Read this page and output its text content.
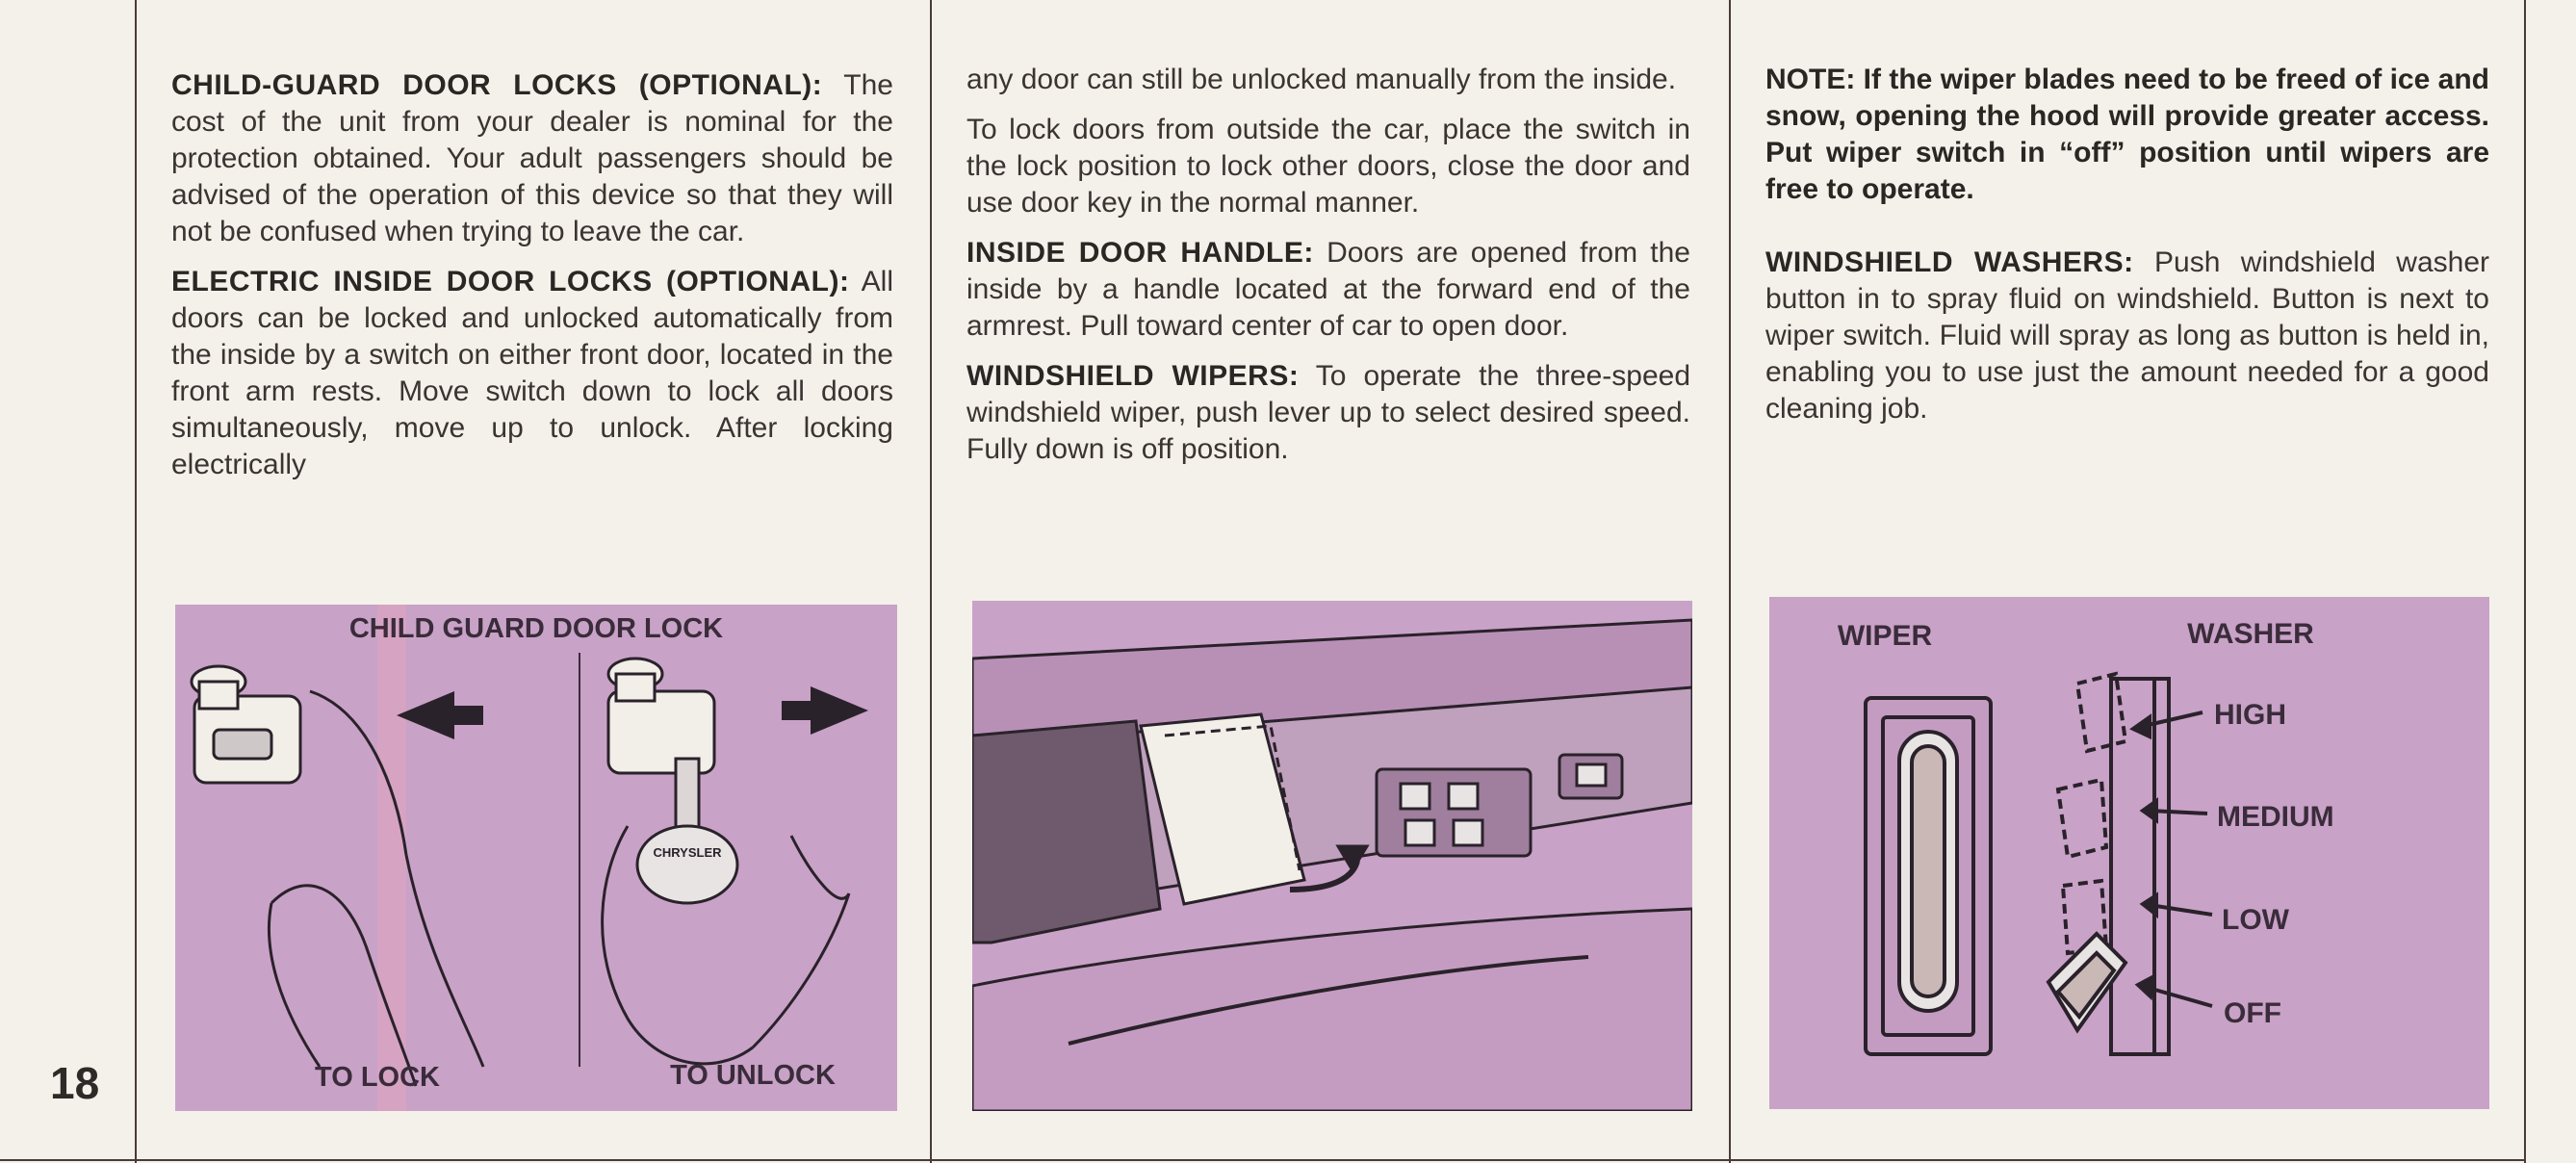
18

CHILD-GUARD DOOR LOCKS (OPTIONAL): The cost of the unit from your dealer is nominal for the protection obtained. Your adult passengers should be advised of the operation of this device so that they will not be confused when trying to leave the car.

ELECTRIC INSIDE DOOR LOCKS (OPTIONAL): All doors can be locked and unlocked automatically from the inside by a switch on either front door, located in the front arm rests. Move switch down to lock all doors simultaneously, move up to unlock. After locking electrically

any door can still be unlocked manually from the inside.

To lock doors from outside the car, place the switch in the lock position to lock other doors, close the door and use door key in the normal manner.

INSIDE DOOR HANDLE: Doors are opened from the inside by a handle located at the forward end of the armrest. Pull toward center of car to open door.

WINDSHIELD WIPERS: To operate the three-speed windshield wiper, push lever up to select desired speed. Fully down is off position.

NOTE: If the wiper blades need to be freed of ice and snow, opening the hood will provide greater access. Put wiper switch in “off” position until wipers are free to operate.

WINDSHIELD WASHERS: Push windshield washer button in to spray fluid on windshield. Button is next to wiper switch. Fluid will spray as long as button is held in, enabling you to use just the amount needed for a good cleaning job.

CHILD GUARD DOOR LOCK
CHRYSLER
TO LOCK	TO UNLOCK
WIPER	WASHER
HIGH
MEDIUM
LOW
OFF
